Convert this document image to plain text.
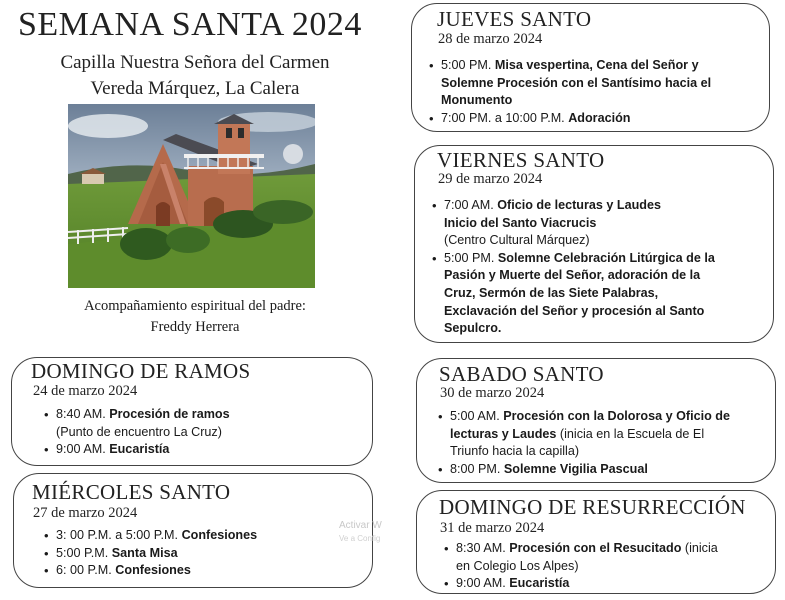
SEMANA SANTA 2024
Capilla Nuestra Señora del Carmen
Vereda Márquez, La Calera
Acompañamiento espiritual del padre:
Freddy Herrera
DOMINGO DE RAMOS
24 de marzo 2024
• 8:40 AM. Procesión de ramos
(Punto de encuentro La Cruz)
• 9:00 AM. Eucaristía
MIÉRCOLES SANTO
27 de marzo 2024
• 3: 00 P.M. a 5:00 P.M. Confesiones
• 5:00 P.M. Santa Misa
• 6: 00 P.M. Confesiones
JUEVES SANTO
28 de marzo 2024
• 5:00 PM. Misa vespertina, Cena del Señor y
Solemne Procesión con el Santísimo hacia el
Monumento
• 7:00 PM. a 10:00 P.M. Adoración
VIERNES SANTO
29 de marzo 2024
• 7:00 AM. Oficio de lecturas y Laudes
Inicio del Santo Viacrucis
(Centro Cultural Márquez)
• 5:00 PM. Solemne Celebración Litúrgica de la
Pasión y Muerte del Señor, adoración de la
Cruz, Sermón de las Siete Palabras,
Exclavación del Señor y procesión al Santo
Sepulcro.
SABADO SANTO
30 de marzo 2024
• 5:00 AM. Procesión con la Dolorosa y Oficio de
lecturas y Laudes (inicia en la Escuela de El
Triunfo hacia la capilla)
• 8:00 PM. Solemne Vigilia Pascual
DOMINGO DE RESURRECCIÓN
31 de marzo 2024
• 8:30 AM. Procesión con el Resucitado (inicia
en Colegio Los Alpes)
• 9:00 AM. Eucaristía
Activar W
Ve a Config
